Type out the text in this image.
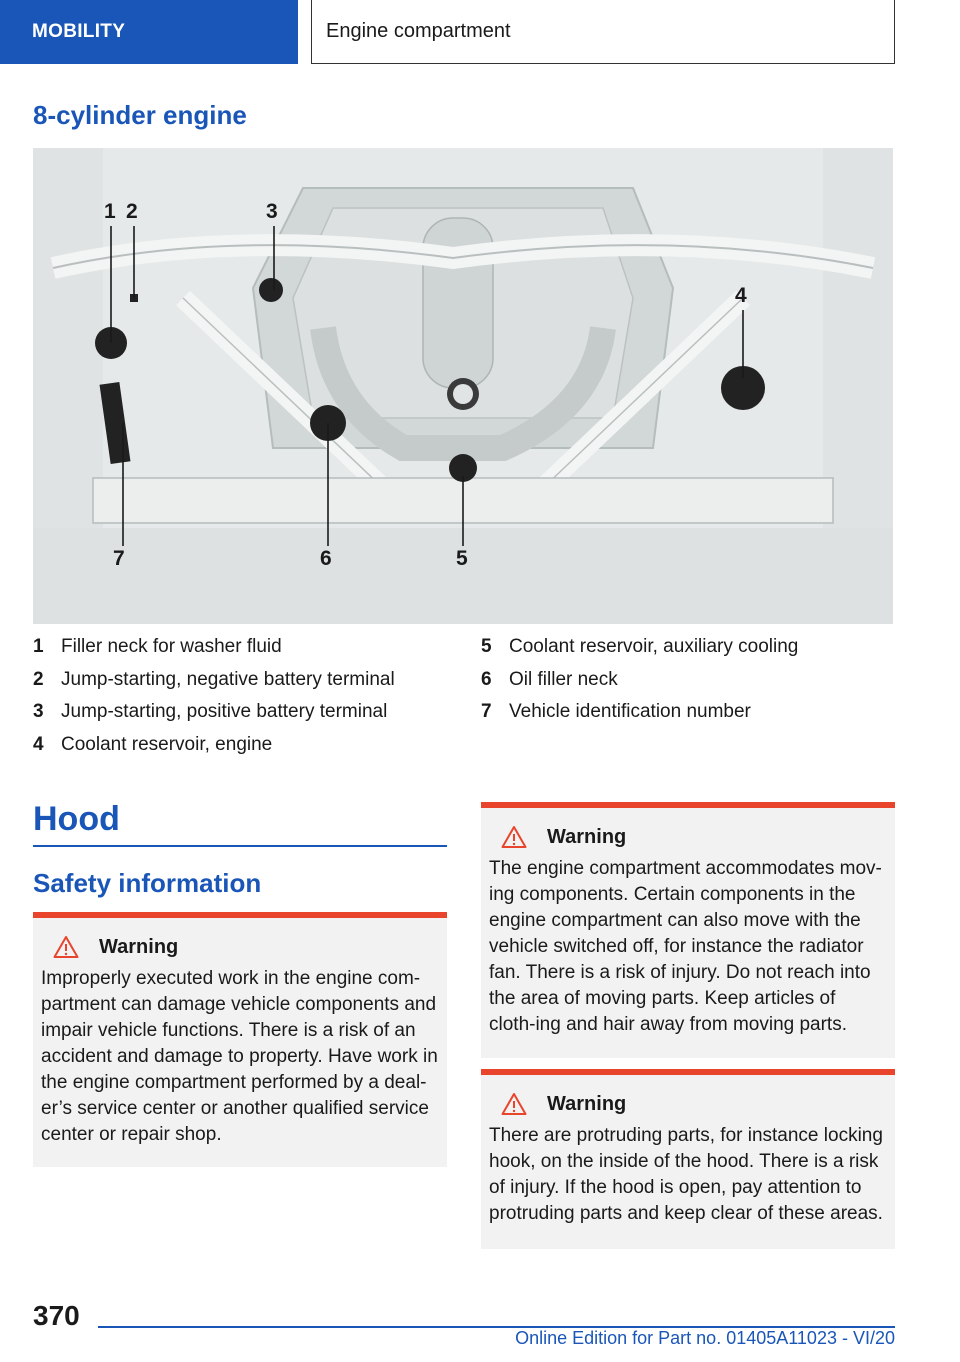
MOBILITY	Engine compartment
8-cylinder engine
1 2	3
4
5
6
7
1 Filler neck for washer fluid
2 Jump-starting, negative battery terminal
3 Jump-starting, positive battery terminal
4 Coolant reservoir, engine
5 Coolant reservoir, auxiliary cooling
6 Oil filler neck
7 Vehicle identification number
Hood
Safety information
Warning

Improperly executed work in the engine com‐partment can damage vehicle components and impair vehicle functions. There is a risk of an accident and damage to property. Have work in the engine compartment performed by a deal‐er’s service center or another qualified service center or repair shop.

Warning

The engine compartment accommodates mov‐ing components. Certain components in the engine compartment can also move with the vehicle switched off, for instance the radiator fan. There is a risk of injury. Do not reach into the area of moving parts. Keep articles of cloth‐ing and hair away from moving parts.

Warning

There are protruding parts, for instance locking hook, on the inside of the hood. There is a risk of injury. If the hood is open, pay attention to protruding parts and keep clear of these areas.

370
Online Edition for Part no. 01405A11023 - VI/20
